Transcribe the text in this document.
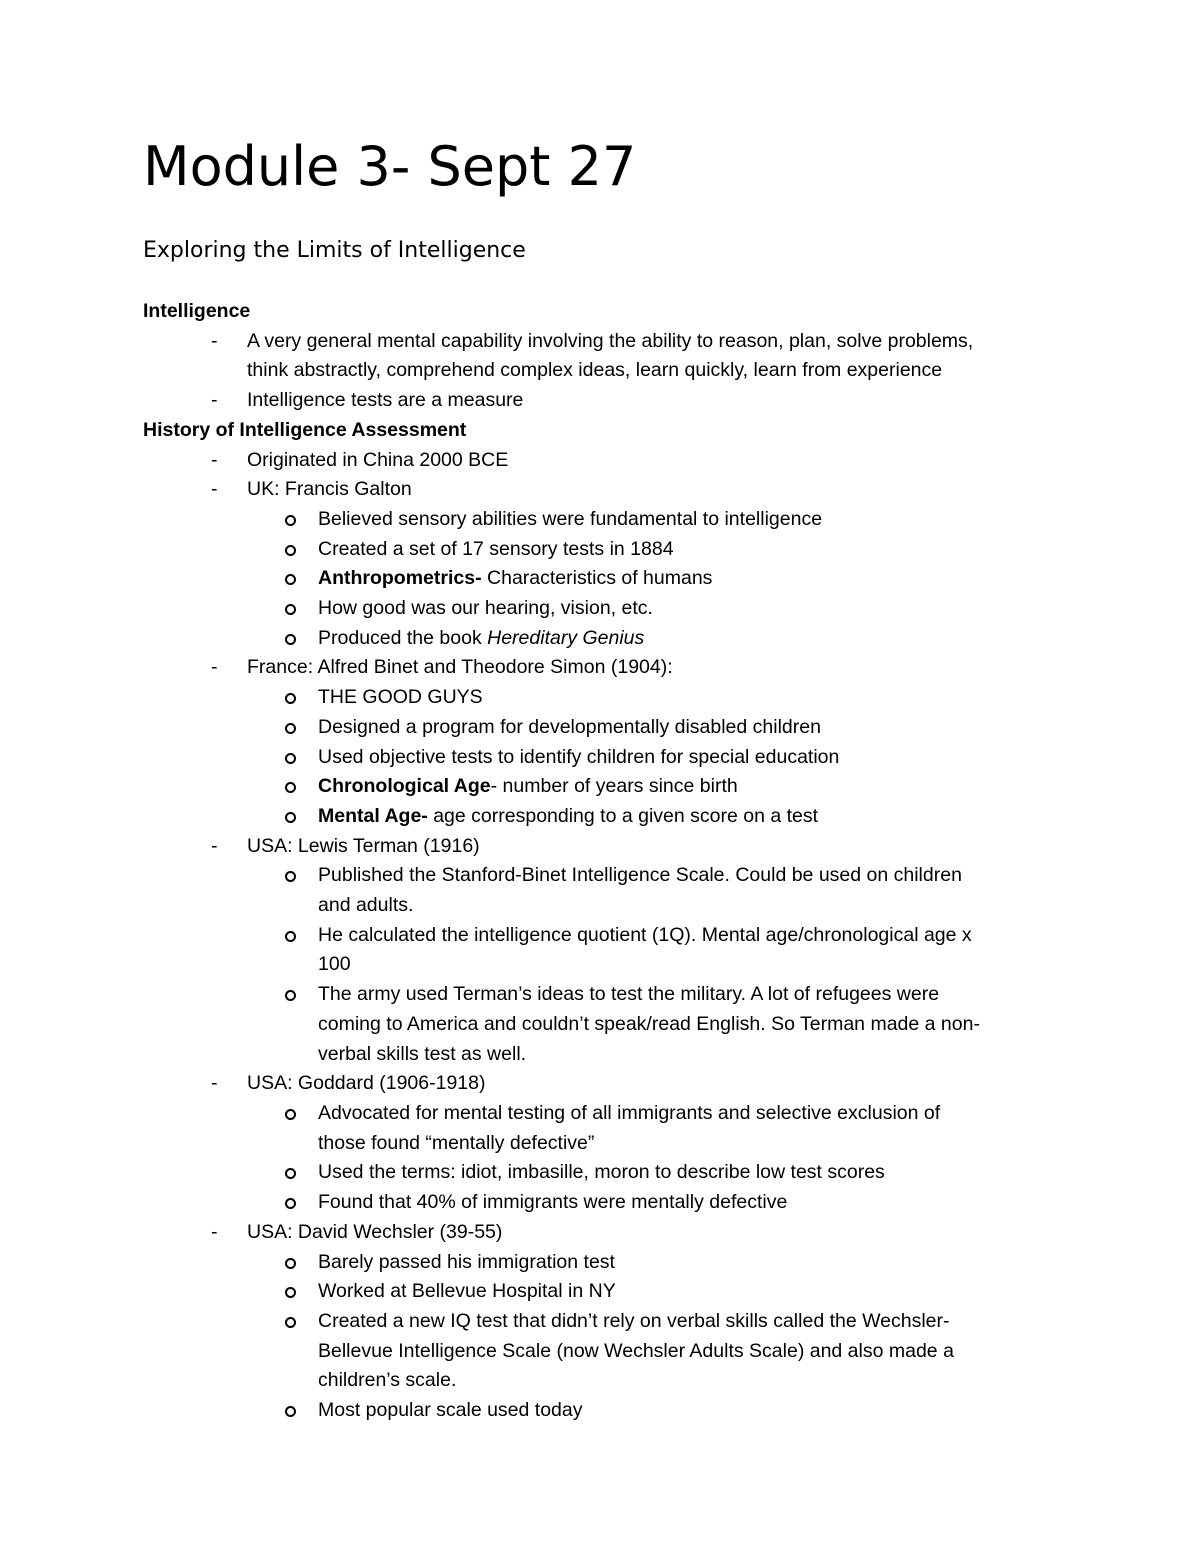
Module 3- Sept 27
Exploring the Limits of Intelligence
Intelligence
- A very general mental capability involving the ability to reason, plan, solve problems,
think abstractly, comprehend complex ideas, learn quickly, learn from experience
- Intelligence tests are a measure
History of Intelligence Assessment
- Originated in China 2000 BCE
- UK: Francis Galton
Believed sensory abilities were fundamental to intelligence
Created a set of 17 sensory tests in 1884
Anthropometrics- Characteristics of humans
How good was our hearing, vision, etc.
Produced the book Hereditary Genius
- France: Alfred Binet and Theodore Simon (1904):
THE GOOD GUYS
Designed a program for developmentally disabled children
Used objective tests to identify children for special education
Chronological Age- number of years since birth
Mental Age- age corresponding to a given score on a test
- USA: Lewis Terman (1916)
Published the Stanford-Binet Intelligence Scale. Could be used on children
and adults.
He calculated the intelligence quotient (1Q). Mental age/chronological age x
100
The army used Terman’s ideas to test the military. A lot of refugees were
coming to America and couldn’t speak/read English. So Terman made a non-
verbal skills test as well.
- USA: Goddard (1906-1918)
Advocated for mental testing of all immigrants and selective exclusion of
those found “mentally defective”
Used the terms: idiot, imbasille, moron to describe low test scores
Found that 40% of immigrants were mentally defective
- USA: David Wechsler (39-55)
Barely passed his immigration test
Worked at Bellevue Hospital in NY
Created a new IQ test that didn’t rely on verbal skills called the Wechsler-
Bellevue Intelligence Scale (now Wechsler Adults Scale) and also made a
children’s scale.
Most popular scale used today
